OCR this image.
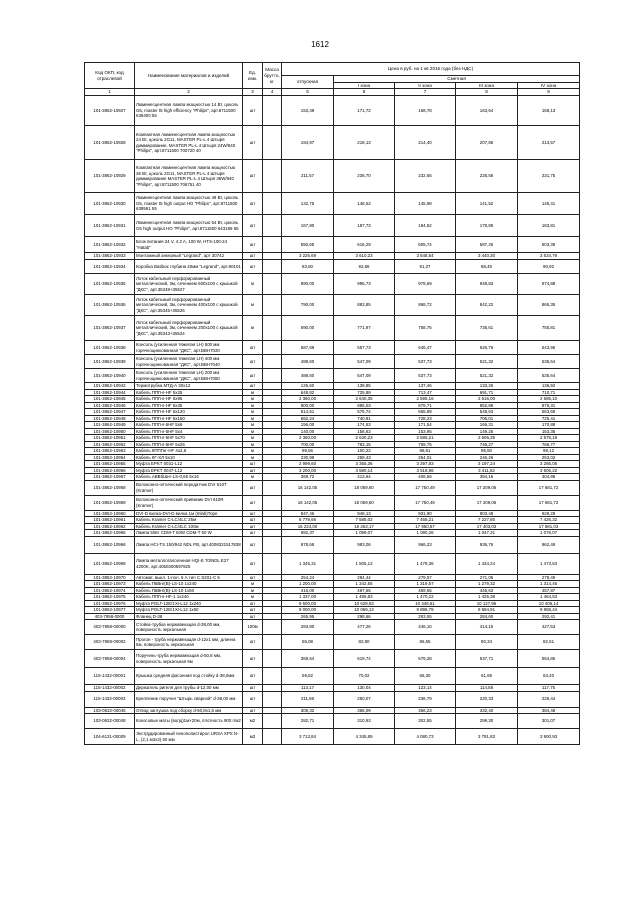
1612
Код ОКП, код отраслевой	Наименование материалов и изделий	Ед. изм.	Масса брутто, кг	Цена в руб. на 1 кв 2015 года (без НДС)				
				отпускная	Сметная			
					I зона	II зона	III зона	IV зона
1	2	3	4	5	6	7	8	9
101-3862-10927	Люминесцентная лампа мощностью 14 Вт, цоколь G5, master t5 high efficiency "Philips", арт.8711500 639400 55	шт		153,49	171,72	168,78	163,64	168,13
101-3862-10928	Компактная люминесцентная лампа мощностью 24 Вт, цоколь 2G11, MASTER PL-L 4 Штыря диммирование, MASTER PL-L 4 Штыря 24W/840 "Philips", арт.8711500 700720 40	шт		194,97	218,13	214,40	207,86	213,57
101-3862-10929	Компактная люминесцентная лампа мощностью 36 Вт, цоколь 2G11, MASTER PL-L 4 Штыря диммирование MASTER PL-L 4 Штыря 36W/840 "Philips", арт.8711500 706751 40	шт		211,57	236,70	232,65	225,56	231,75
101-3862-10930	Люминесцентная лампа мощностью 49 Вт, цоколь G5, master t5 high output HO "Philips", арт.8711500 639561 55	шт		132,75	148,52	145,98	141,52	145,41
101-3862-10931	Люминесцентная лампа мощностью 54 Вт, цоколь G5 high output HO "Philips", арт.8711500 643189 55	шт		167,80	187,73	184,52	178,89	183,81
101-3862-10932	Блок питания 24 V, 4.2 A, 100 W, HTS-100-24 "Hatab"	шт		550,65	616,29	605,74	587,26	603,39
101-3862-10933	Монтажный анкерный "Legrand", арт 30742	шт		3 226,69	3 610,23	3 548,54	3 440,30	3 534,79
101-3862-10934	Коробка Batibox глубина 40мм "Legrand", арт.80101	шт		83,60	92,86	91,27	88,49	90,92
101-3862-10935	Лоток кабельный перфорированный металлический, 3м, сечением 600х100 с крышкой "ДКС", арт.35348+35527	м		890,00	995,73	978,69	948,83	974,88
101-3862-10936	Лоток кабельный перфорированный металлический, 3м, сечением 400х100 с крышкой "ДКС", арт.35345+35526	м		790,00	883,85	868,72	842,22	865,35
101-3862-10937	Лоток кабельный перфорированный металлический, 3м, сечением 200х100 с крышкой "ДКС", арт.35343+35524	м		690,00	771,97	758,75	735,61	755,81
101-3862-10938	Консоль (усиленная тяжелая LH) 500 мм горячеоцинкованная "ДКС", арт.BBH7020	шт		587,69	657,73	646,47	626,76	643,96
101-3862-10939	Консоль (усиленная тяжелая LH) 400 мм горячеоцинкованная "ДКС", арт.BBH7040	шт		488,60	547,09	537,73	521,32	535,64
101-3862-10940	Консоль (усиленная тяжелая LH) 200 мм горячеоцинкованная "ДКС", арт.BBH7050	шт		488,60	547,09	537,73	521,32	535,64
101-3862-10942	Термотрубка МТД-А 30х12	шт		125,60	139,85	137,46	133,26	136,92
101-3862-10944	Кабель ППГнг-HF 5х25	м		648,82	725,89	713,47	691,71	710,71
101-3862-10945	Кабель ППГнг-HF 5х95	м		2 360,00	2 640,35	2 595,16	2 516,00	2 585,10
101-3862-10946	Кабель ППГнг-HF 5х35	м		800,00	895,03	879,71	852,88	876,31
101-3862-10947	Кабель ППГнг-HF 5х120	м		514,61	575,74	565,89	548,63	563,69
101-3862-10948	Кабель ППГнг-HF 5х150	м		662,24	740,91	728,23	706,01	725,41
101-3862-10949	Кабель ППГнг-5HF 5х6	м		156,00	174,53	171,54	166,31	170,88
101-3862-10950	Кабель ППГнг-5HF 5х4	м		140,00	156,63	153,95	149,25	153,35
101-3862-10951	Кабель ППГнг-5HF 5х70	м		2 360,00	2 630,23	2 585,21	2 506,35	2 575,19
101-3862-10952	Кабель ППГнг-5HF 5х25	м		700,00	783,15	769,75	746,27	766,77
101-3862-10953	Кабель КППГнг-HF 4х2,5	м		89,56	100,22	98,51	95,50	98,12
101-3862-10954	Кабель КГ-ХЛ 5х10	м		230,99	258,43	254,01	246,26	253,02
101-3862-10955	Муфта EPKT 0031-L12	шт		2 999,60	3 355,36	3 297,83	3 197,24	3 285,05
101-3862-10956	Муфта EPKT 0047-L12	шт		3 200,00	3 580,14	3 518,86	3 411,52	3 505,22
101-3862-10957	Кабель АВВбШнг-LS-0,66 5х16	м		369,72	413,64	406,56	394,16	404,98
101-3862-10958	Волоконно-оптический передатчик DVI 610T (Kramer)	шт		16 142,05	18 059,60	17 750,49	17 209,06	17 681,72
101-3862-10959	Волоконно-оптический приёмник DVI 610R (Kramer)	шт		16 142,05	18 059,60	17 750,49	17 209,06	17 681,72
101-3862-10960	DVI-D вилка-DVI-D вилка 1м (Inlab)Торе	шт		847,46	948,13	931,90	903,48	928,29
101-3862-10961	Кабель Kramer C-LC/4LC 25м	шт		6 779,66	7 585,02	7 455,21	7 227,80	7 426,32
101-3862-10962	Кабель Kramer C-LC/4LC 100м	шт		16 224,00	18 263,17	17 950,57	17 403,03	17 881,03
101-3862-10965	Лампа 50вт CDM-T 50W CDM-T 50 W	шт		982,37	1 099,07	1 080,26	1 047,31	1 076,07
101-3862-10966	Лампа HCI-TS 150/942 NDL PB, арт.4008321517838	шт		878,68	983,06	966,23	936,76	962,49
101-3862-10969	Лампа металлогалогенная HQI-E 70/NDL E27 4200K, арт.4050300597825	шт		1 345,31	1 505,12	1 479,36	1 434,24	1 473,63
101-3862-10970	Автомат. выкл. 1-пол. 6 А тип C S201-C 6	шт		254,24	284,44	279,57	271,05	278,49
101-3862-10973	Кабель ПвВнг(В)-LS-10 1х240	м		1 200,00	1 342,55	1 319,57	1 279,32	1 314,46
101-3862-10974	Кабель ПвВнг(В)-LS-10 1х50	м		416,00	467,65	459,65	445,63	457,87
101-3862-10975	Кабель ППГнг-HF-1 1х240	м		1 337,00	1 495,83	1 470,22	1 425,38	1 464,53
101-3862-10976	Муфта POLT-12E/1XI-L12 1х240	шт		9 500,00	10 628,53	10 446,61	10 127,96	10 406,14
101-3862-10977	Муфта POLT-12E/1XI-L12 1х50	шт		9 000,00	10 069,13	9 896,79	9 594,91	9 858,44
403-7958-0000	Фланец D-38	шт		265,95	298,66	293,55	284,60	292,41
403-7958-00000	Стойка-трубка нержавеющая d-38,00 мм, поверхность зеркальная	100м		283,90	477,26	446,10	414,15	427,53
403-7958-00002	Прогон - труба нержавеющая d-12х1 мм, длинна 6м, поверхность зеркальная	шт		55,08	82,80	86,55	80,34	82,61
403-7958-00004	Поручень-труба нержавеющая d-50,8 мм, поверхность зеркальная 6м	шт		369,64	619,74	579,28	537,71	554,86
115-1432-00001	Крышка средняя фасонная под стойку d-38,0мм	шт		59,52	70,02	66,30	61,69	63,40
115-1432-00002	Держатель ригеля для трубы d-12,00 мм	шт		113,17	130,04	123,14	114,58	117,75
115-1432-00003	Крепление поручня "Штырь сварной" d-38,00 мм	шт		211,86	250,07	236,79	220,33	226,44
103-0632-00045	Отвод заглушка под сборку d-50,8х1,5 мм	шт		309,32	366,09	356,23	332,40	384,48
103-0632-00048	Кокосовые маты (волд)1м×20м, плотность 900 г/м2	м2		282,71	310,93	302,55	299,30	301,07
104-6131-00009	Экструдированный пенополистирол URSA XPS N-L, (2,1 м3х2) 60 мм	м3		3 713,84	4 345,89	4 080,73	3 791,83	3 900,93
